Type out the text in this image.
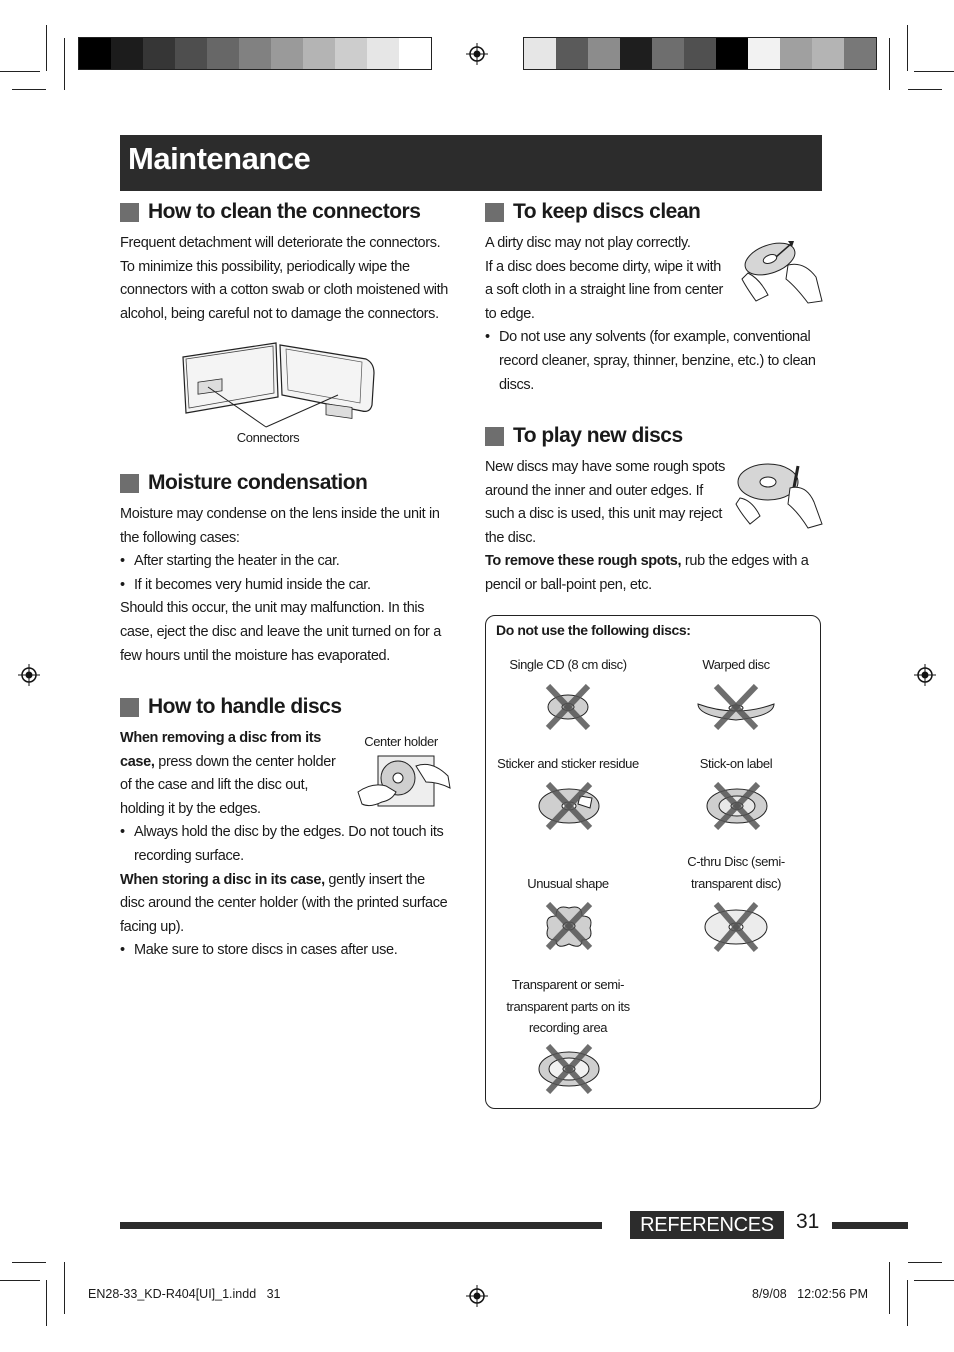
Maintenance
How to clean the connectors

Frequent detachment will deteriorate the connectors.

To minimize this possibility, periodically wipe the

connectors with a cotton swab or cloth moistened with

alcohol, being careful not to damage the connectors.

Connectors
Moisture condensation

Moisture may condense on the lens inside the unit in

the following cases:

• After starting the heater in the car.

• If it becomes very humid inside the car.

Should this occur, the unit may malfunction. In this

case, eject the disc and leave the unit turned on for a

few hours until the moisture has evaporated.

How to handle discs
Center holder

When removing a disc from its

case, press down the center holder

of the case and lift the disc out,

holding it by the edges.

• Always hold the disc by the edges. Do not touch its
recording surface.

When storing a disc in its case, gently insert the

disc around the center holder (with the printed surface

facing up).

• Make sure to store discs in cases after use.

To keep discs clean

A dirty disc may not play correctly.

If a disc does become dirty, wipe it with

a soft cloth in a straight line from center

to edge.

• Do not use any solvents (for example, conventional
record cleaner, spray, thinner, benzine, etc.) to clean
discs.

To play new discs

New discs may have some rough spots

around the inner and outer edges. If

such a disc is used, this unit may reject

the disc.

To remove these rough spots, rub the edges with a

pencil or ball-point pen, etc.

Do not use the following discs:
Single CD (8 cm disc)	Warped disc
Sticker and sticker residue	Stick-on label
Unusual shape
C-thru Disc (semi-
transparent disc)
Transparent or semi-
transparent parts on its
recording area
REFERENCES	31
EN28-33_KD-R404[UI]_1.indd   31	8/9/08   12:02:56 PM
